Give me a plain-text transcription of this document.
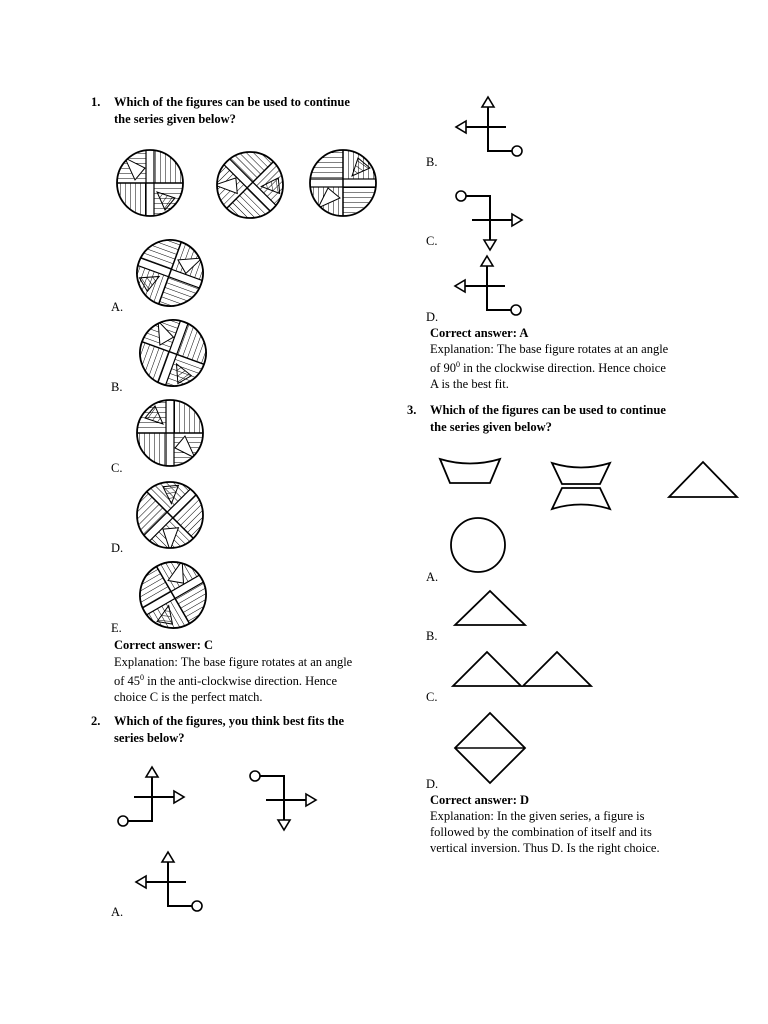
1. Which of the figures can be used to continue
the series given below?
A.
B.
C.
D.
E.
Correct answer: C
Explanation: The base figure rotates at an angle
of $45^0$ in the anti-clockwise direction. Hence
choice C is the perfect match.
2. Which of the figures, you think best fits the
series below?
A.
B.
C.
D.
Correct answer: A
Explanation: The base figure rotates at an angle
of $90^0$ in the clockwise direction. Hence choice
A is the best fit.
3. Which of the figures can be used to continue
the series given below?
A.
B.
C.
D.
Correct answer: D
Explanation: In the given series, a figure is
followed by the combination of itself and its
vertical inversion. Thus D. Is the right choice.
